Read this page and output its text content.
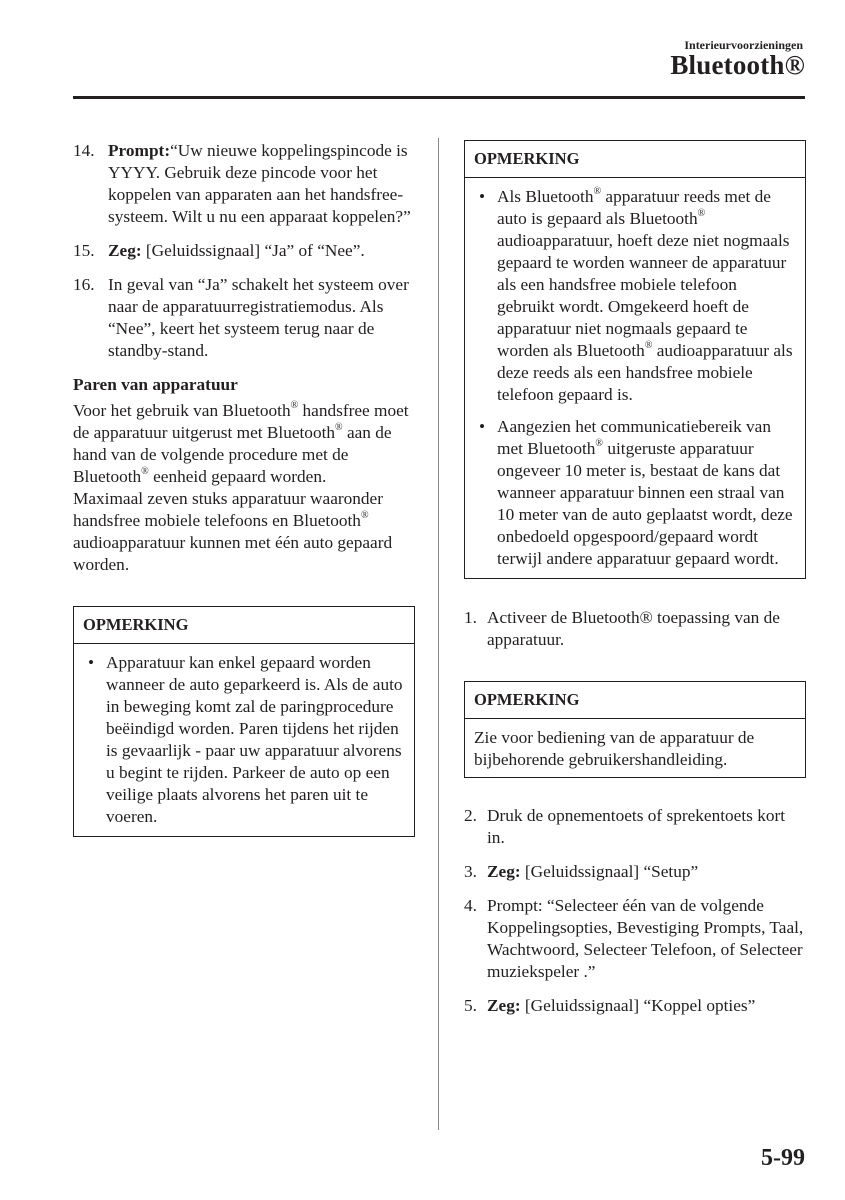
Interieurvoorzieningen
Bluetooth®
14. Prompt:“Uw nieuwe koppelingspincode is YYYY. Gebruik deze pincode voor het koppelen van apparaten aan het handsfree-systeem. Wilt u nu een apparaat koppelen?”
15. Zeg: [Geluidssignaal] “Ja” of “Nee”.
16. In geval van “Ja” schakelt het systeem over naar de apparatuurregistratiemodus. Als “Nee”, keert het systeem terug naar de standby-stand.
Paren van apparatuur

Voor het gebruik van Bluetooth® handsfree moet de apparatuur uitgerust met Bluetooth® aan de hand van de volgende procedure met de Bluetooth® eenheid gepaard worden.

Maximaal zeven stuks apparatuur waaronder handsfree mobiele telefoons en Bluetooth® audioapparatuur kunnen met één auto gepaard worden.

OPMERKING
• Apparatuur kan enkel gepaard worden wanneer de auto geparkeerd is. Als de auto in beweging komt zal de paringprocedure beëindigd worden. Paren tijdens het rijden is gevaarlijk - paar uw apparatuur alvorens u begint te rijden. Parkeer de auto op een veilige plaats alvorens het paren uit te voeren.
OPMERKING
• Als Bluetooth® apparatuur reeds met de auto is gepaard als Bluetooth® audioapparatuur, hoeft deze niet nogmaals gepaard te worden wanneer de apparatuur als een handsfree mobiele telefoon gebruikt wordt. Omgekeerd hoeft de apparatuur niet nogmaals gepaard te worden als Bluetooth® audioapparatuur als deze reeds als een handsfree mobiele telefoon gepaard is.
• Aangezien het communicatiebereik van met Bluetooth® uitgeruste apparatuur ongeveer 10 meter is, bestaat de kans dat wanneer apparatuur binnen een straal van 10 meter van de auto geplaatst wordt, deze onbedoeld opgespoord/gepaard wordt terwijl andere apparatuur gepaard wordt.
1. Activeer de Bluetooth® toepassing van de apparatuur.
OPMERKING
Zie voor bediening van de apparatuur de bijbehorende gebruikershandleiding.
2. Druk de opnementoets of sprekentoets kort in.
3. Zeg: [Geluidssignaal] “Setup”
4. Prompt: “Selecteer één van de volgende Koppelingsopties, Bevestiging Prompts, Taal, Wachtwoord, Selecteer Telefoon, of Selecteer muziekspeler .”
5. Zeg: [Geluidssignaal] “Koppel opties”
5-99
